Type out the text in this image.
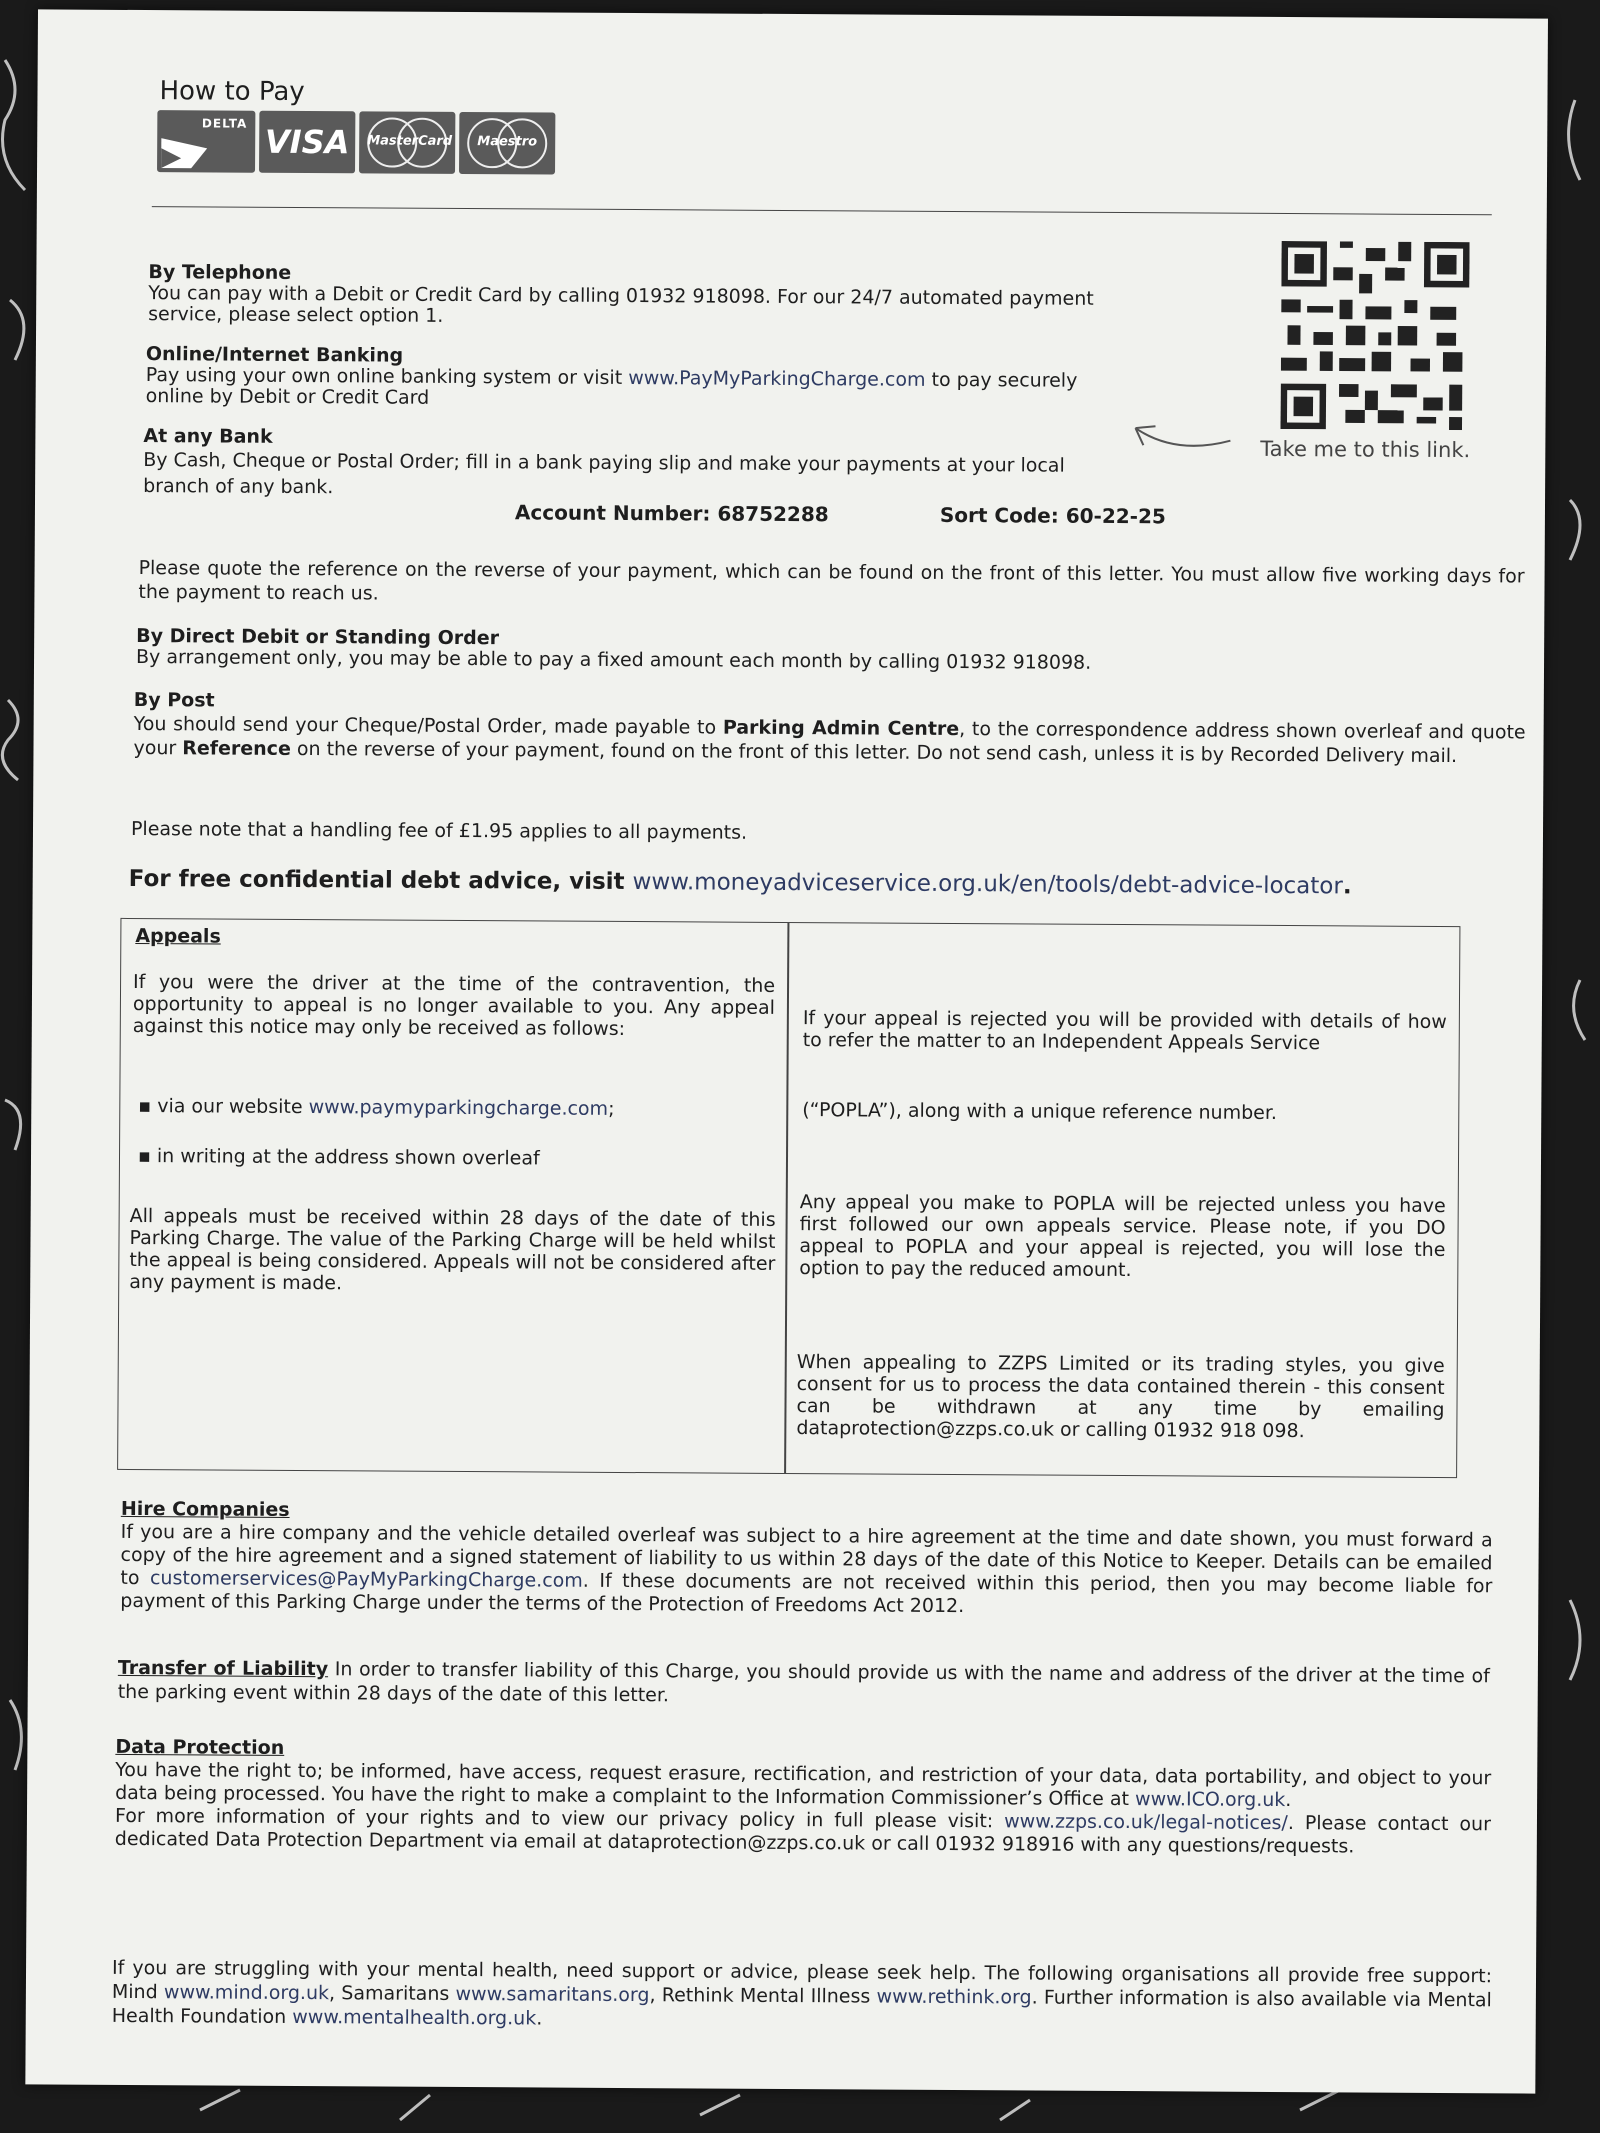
How to Pay
DELTA VISA	MasterCard	Maestro
By Telephone
You can pay with a Debit or Credit Card by calling 01932 918098. For our 24/7 automated payment service, please select option 1.
Online/Internet Banking
Pay using your own online banking system or visit www.PayMyParkingCharge.com to pay securely online by Debit or Credit Card
Take me to this link.
At any Bank
By Cash, Cheque or Postal Order; fill in a bank paying slip and make your payments at your local branch of any bank.
Account Number: 68752288	Sort Code: 60-22-25
Please quote the reference on the reverse of your payment, which can be found on the front of this letter. You must allow five working days for the payment to reach us.
By Direct Debit or Standing Order
By arrangement only, you may be able to pay a fixed amount each month by calling 01932 918098.
By Post
You should send your Cheque/Postal Order, made payable to Parking Admin Centre, to the correspondence address shown overleaf and quote your Reference on the reverse of your payment, found on the front of this letter. Do not send cash, unless it is by Recorded Delivery mail.
Please note that a handling fee of £1.95 applies to all payments.
For free confidential debt advice, visit www.moneyadviceservice.org.uk/en/tools/debt-advice-locator.
Appeals
If you were the driver at the time of the contravention, the opportunity to appeal is no longer available to you. Any appeal against this notice may only be received as follows:
▪ via our website www.paymyparkingcharge.com;
▪ in writing at the address shown overleaf
All appeals must be received within 28 days of the date of this Parking Charge. The value of the Parking Charge will be held whilst the appeal is being considered. Appeals will not be considered after any payment is made.
If your appeal is rejected you will be provided with details of how to refer the matter to an Independent Appeals Service
(“POPLA”), along with a unique reference number.
Any appeal you make to POPLA will be rejected unless you have first followed our own appeals service. Please note, if you DO appeal to POPLA and your appeal is rejected, you will lose the option to pay the reduced amount.
When appealing to ZZPS Limited or its trading styles, you give consent for us to process the data contained therein - this consent can be withdrawn at any time by emailing dataprotection@zzps.co.uk or calling 01932 918 098.
Hire Companies
If you are a hire company and the vehicle detailed overleaf was subject to a hire agreement at the time and date shown, you must forward a copy of the hire agreement and a signed statement of liability to us within 28 days of the date of this Notice to Keeper. Details can be emailed to customerservices@PayMyParkingCharge.com. If these documents are not received within this period, then you may become liable for payment of this Parking Charge under the terms of the Protection of Freedoms Act 2012.
Transfer of Liability In order to transfer liability of this Charge, you should provide us with the name and address of the driver at the time of the parking event within 28 days of the date of this letter.
Data Protection
You have the right to; be informed, have access, request erasure, rectification, and restriction of your data, data portability, and object to your data being processed. You have the right to make a complaint to the Information Commissioner’s Office at www.ICO.org.uk.
For more information of your rights and to view our privacy policy in full please visit: www.zzps.co.uk/legal-notices/. Please contact our dedicated Data Protection Department via email at dataprotection@zzps.co.uk or call 01932 918916 with any questions/requests.
If you are struggling with your mental health, need support or advice, please seek help. The following organisations all provide free support: Mind www.mind.org.uk, Samaritans www.samaritans.org, Rethink Mental Illness www.rethink.org. Further information is also available via Mental Health Foundation www.mentalhealth.org.uk.
